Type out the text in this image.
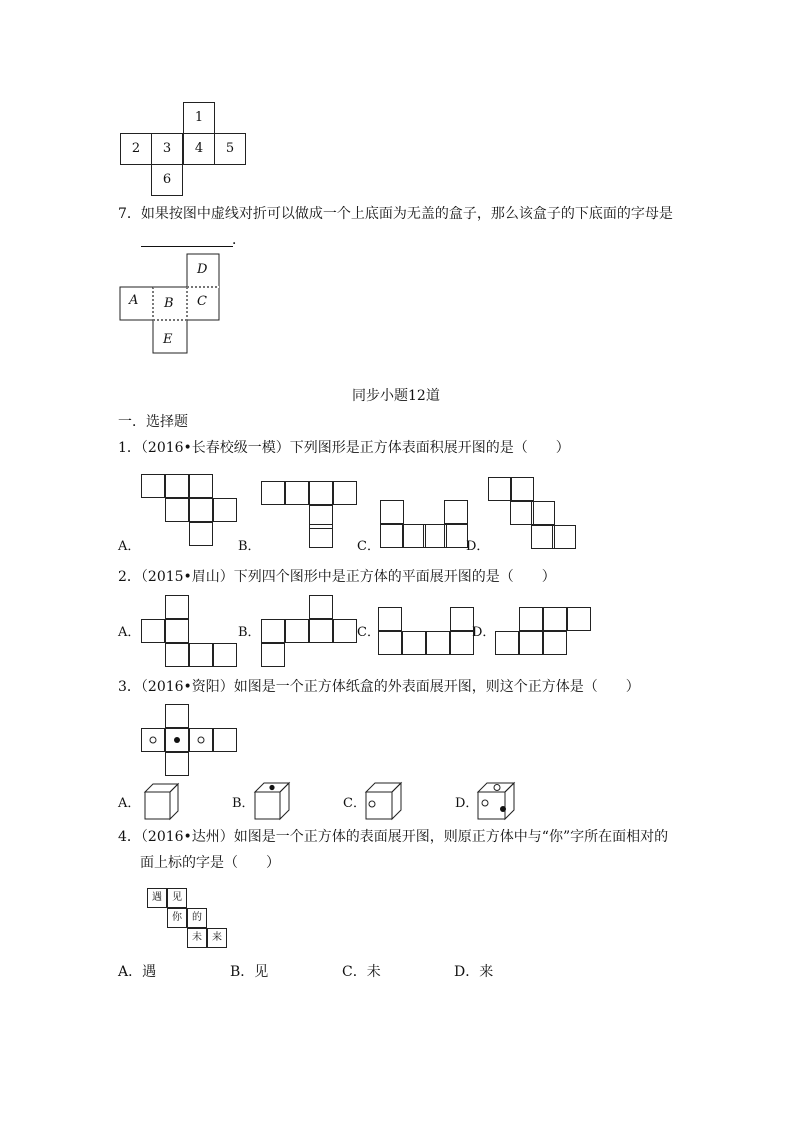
1
2	3	4	5
6
7．如果按图中虚线对折可以做成一个上底面为无盖的盒子，那么该盒子的下底面的字母是
．
D
A B C
E
同步小题12道
一．选择题
1．（2016•长春校级一模）下列图形是正方体表面积展开图的是（　　）
A．	B．	C．	D．
2．（2015•眉山）下列四个图形中是正方体的平面展开图的是（　　）
A．	B．	C．	D．
3．（2016•资阳）如图是一个正方体纸盒的外表面展开图，则这个正方体是（　　）
A．	B．	C．	D．
4．（2016•达州）如图是一个正方体的表面展开图，则原正方体中与“你”字所在面相对的
面上标的字是（　　）
遇	见
你	的
未	来
A．遇	B．见	C．未	D．来
